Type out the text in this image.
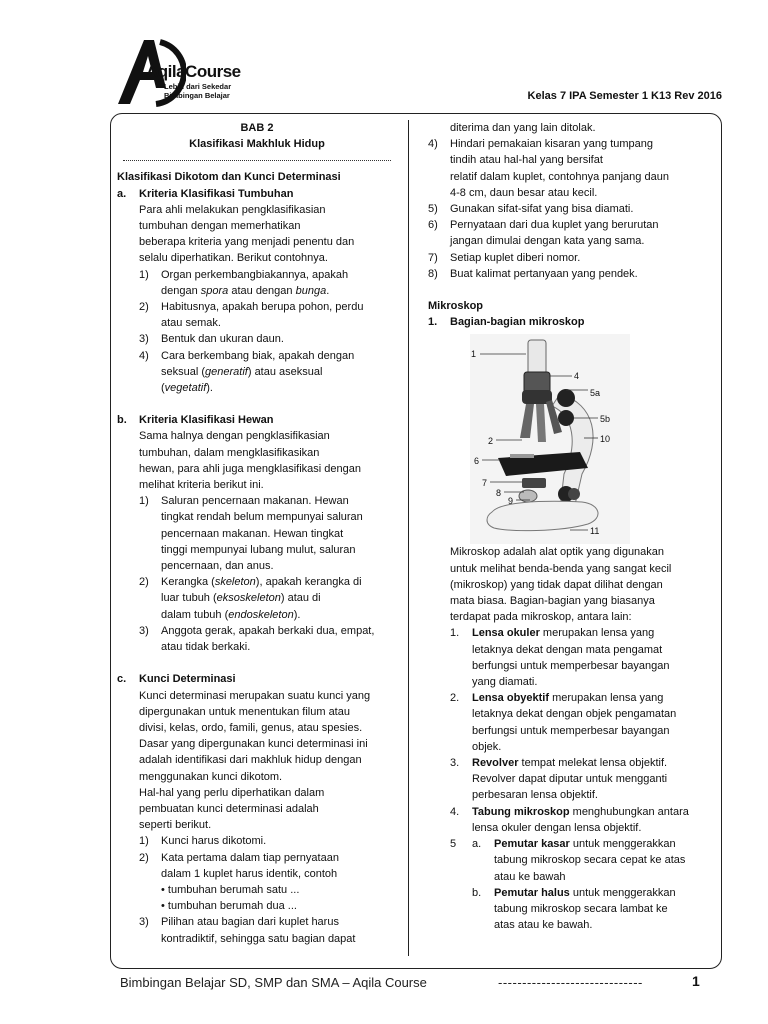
AqilaCourse
Lebih dari Sekedar
Bimbingan Belajar	Kelas 7 IPA Semester 1 K13 Rev 2016

BAB 2

Klasifikasi Makhluk Hidup

Klasifikasi Dikotom dan Kunci Determinasi

a.	Kriteria Klasifikasi Tumbuhan

Para ahli melakukan pengklasifikasian

tumbuhan dengan memerhatikan

beberapa kriteria yang menjadi penentu dan

selalu diperhatikan. Berikut contohnya.

1)	Organ perkembangbiakannya, apakah

dengan spora atau dengan bunga.

2)	Habitusnya, apakah berupa pohon, perdu

atau semak.

3)	Bentuk dan ukuran daun.

4)	Cara berkembang biak, apakah dengan

seksual (generatif) atau aseksual

(vegetatif).

b.	Kriteria Klasifikasi Hewan

Sama halnya dengan pengklasifikasian

tumbuhan, dalam mengklasifikasikan

hewan, para ahli juga mengklasifikasi dengan

melihat kriteria berikut ini.

1)	Saluran pencernaan makanan. Hewan

tingkat rendah belum mempunyai saluran

pencernaan makanan. Hewan tingkat

tinggi mempunyai lubang mulut, saluran

pencernaan, dan anus.

2)	Kerangka (skeleton), apakah kerangka di

luar tubuh (eksoskeleton) atau di

dalam tubuh (endoskeleton).

3)	Anggota gerak, apakah berkaki dua, empat,

atau tidak berkaki.

c.	Kunci Determinasi

Kunci determinasi merupakan suatu kunci yang

dipergunakan untuk menentukan filum atau

divisi, kelas, ordo, famili, genus, atau spesies.

Dasar yang dipergunakan kunci determinasi ini

adalah identifikasi dari makhluk hidup dengan

menggunakan kunci dikotom.

Hal-hal yang perlu diperhatikan dalam

pembuatan kunci determinasi adalah

seperti berikut.

1)	Kunci harus dikotomi.

2)	Kata pertama dalam tiap pernyataan

dalam 1 kuplet harus identik, contoh

• tumbuhan berumah satu ...

• tumbuhan berumah dua ...

3)	Pilihan atau bagian dari kuplet harus

kontradiktif, sehingga satu bagian dapat

diterima dan yang lain ditolak.

4)	Hindari pemakaian kisaran yang tumpang

tindih atau hal-hal yang bersifat

relatif dalam kuplet, contohnya panjang daun

4-8 cm, daun besar atau kecil.

5)	Gunakan sifat-sifat yang bisa diamati.

6)	Pernyataan dari dua kuplet yang berurutan

jangan dimulai dengan kata yang sama.

7)	Setiap kuplet diberi nomor.

8)	Buat kalimat pertanyaan yang pendek.

Mikroskop

1.	Bagian-bagian mikroskop

Mikroskop adalah alat optik yang digunakan

untuk melihat benda-benda yang sangat kecil

(mikroskop) yang tidak dapat dilihat dengan

mata biasa. Bagian-bagian yang biasanya

terdapat pada mikroskop, antara lain:

1.	Lensa okuler merupakan lensa yang

letaknya dekat dengan mata pengamat

berfungsi untuk memperbesar bayangan

yang diamati.

2.	Lensa obyektif merupakan lensa yang

letaknya dekat dengan objek pengamatan

berfungsi untuk memperbesar bayangan

objek.

3.	Revolver tempat melekat lensa objektif.

Revolver dapat diputar untuk mengganti

perbesaran lensa objektif.

4.	Tabung mikroskop menghubungkan antara

lensa okuler dengan lensa objektif.

5	a.	Pemutar kasar untuk menggerakkan

tabung mikroskop secara cepat ke atas

atau ke bawah

b.	Pemutar halus untuk menggerakkan

tabung mikroskop secara lambat ke

atas atau ke bawah.

1
4
5a
5b
10
2
6
7
8
9
11
Bimbingan Belajar SD, SMP dan SMA – Aqila Course	------------------------------	1
